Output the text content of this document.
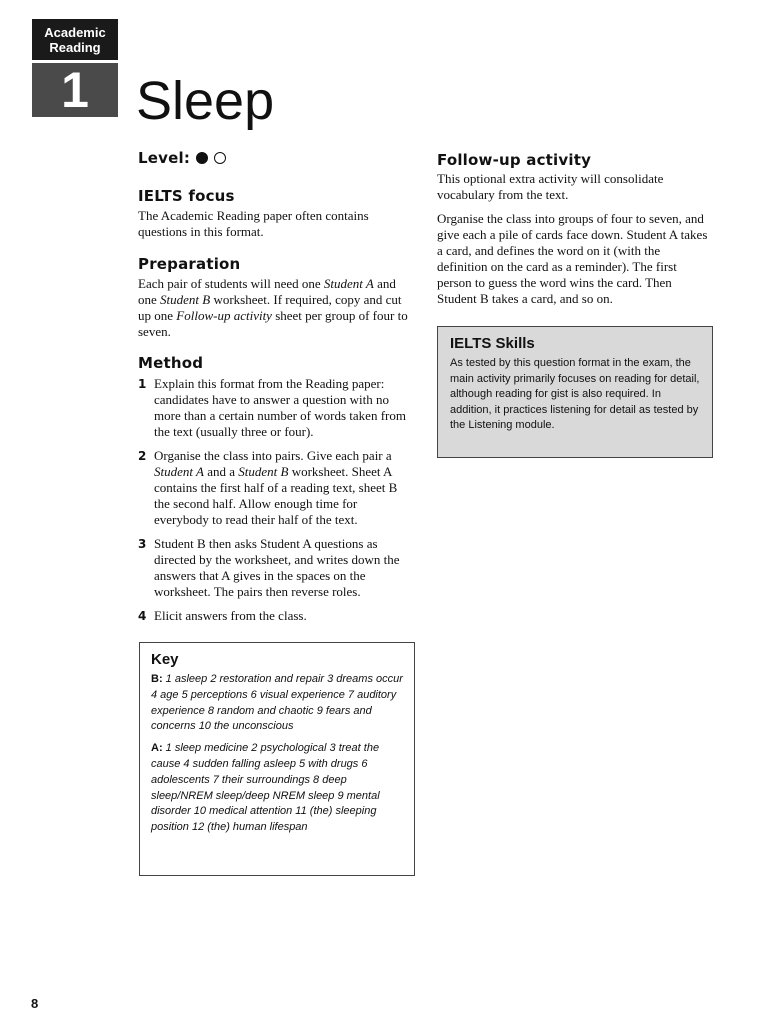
Academic
Reading
1 Sleep
Level:
IELTS focus

The Academic Reading paper often contains questions in this format.

Preparation

Each pair of students will need one Student A and one Student B worksheet. If required, copy and cut up one Follow-up activity sheet per group of four to seven.

Method
1 Explain this format from the Reading paper: candidates have to answer a question with no more than a certain number of words taken from the text (usually three or four).
2 Organise the class into pairs. Give each pair a Student A and a Student B worksheet. Sheet A contains the first half of a reading text, sheet B the second half. Allow enough time for everybody to read their half of the text.
3 Student B then asks Student A questions as directed by the worksheet, and writes down the answers that A gives in the spaces on the worksheet. The pairs then reverse roles.
4 Elicit answers from the class.
Follow-up activity

This optional extra activity will consolidate vocabulary from the text.

Organise the class into groups of four to seven, and give each a pile of cards face down. Student A takes a card, and defines the word on it (with the definition on the card as a reminder). The first person to guess the word wins the card. Then Student B takes a card, and so on.

IELTS Skills

As tested by this question format in the exam, the main activity primarily focuses on reading for detail, although reading for gist is also required. In addition, it practices listening for detail as tested by the Listening module.

Key
B: 1 asleep 2 restoration and repair 3 dreams occur 4 age 5 perceptions 6 visual experience 7 auditory experience 8 random and chaotic 9 fears and concerns 10 the unconscious
A: 1 sleep medicine 2 psychological 3 treat the cause 4 sudden falling asleep 5 with drugs 6 adolescents 7 their surroundings 8 deep sleep/NREM sleep/deep NREM sleep 9 mental disorder 10 medical attention 11 (the) sleeping position 12 (the) human lifespan
8
